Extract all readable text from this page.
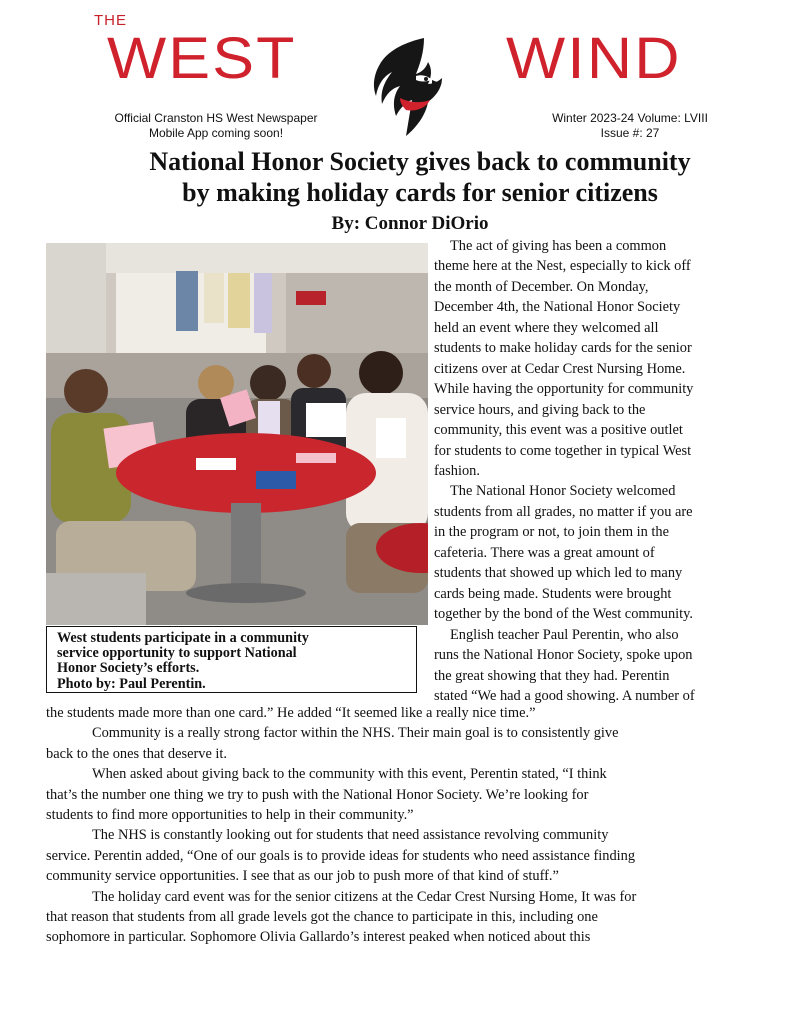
THE
WEST	WIND
Official Cranston HS West Newspaper
Mobile App coming soon!
Winter 2023-24 Volume: LVIII
Issue #: 27
National Honor Society gives back to community
by making holiday cards for senior citizens
By: Connor DiOrio
West students participate in a community
service opportunity to support National
Honor Society’s efforts.
Photo by: Paul Perentin.

The act of giving has been a common
theme here at the Nest, especially to kick off
the month of December. On Monday,
December 4th, the National Honor Society
held an event where they welcomed all
students to make holiday cards for the senior
citizens over at Cedar Crest Nursing Home.
While having the opportunity for community
service hours, and giving back to the
community, this event was a positive outlet
for students to come together in typical West
fashion.

The National Honor Society welcomed
students from all grades, no matter if you are
in the program or not, to join them in the
cafeteria. There was a great amount of
students that showed up which led to many
cards being made. Students were brought
together by the bond of the West community.

English teacher Paul Perentin, who also
runs the National Honor Society, spoke upon
the great showing that they had. Perentin
stated “We had a good showing. A number of

the students made more than one card.” He added “It seemed like a really nice time.”

Community is a really strong factor within the NHS. Their main goal is to consistently give
back to the ones that deserve it.

When asked about giving back to the community with this event, Perentin stated, “I think
that’s the number one thing we try to push with the National Honor Society. We’re looking for
students to find more opportunities to help in their community.”

The NHS is constantly looking out for students that need assistance revolving community
service. Perentin added, “One of our goals is to provide ideas for students who need assistance finding
community service opportunities. I see that as our job to push more of that kind of stuff.”

The holiday card event was for the senior citizens at the Cedar Crest Nursing Home, It was for
that reason that students from all grade levels got the chance to participate in this, including one
sophomore in particular. Sophomore Olivia Gallardo’s interest peaked when noticed about this
